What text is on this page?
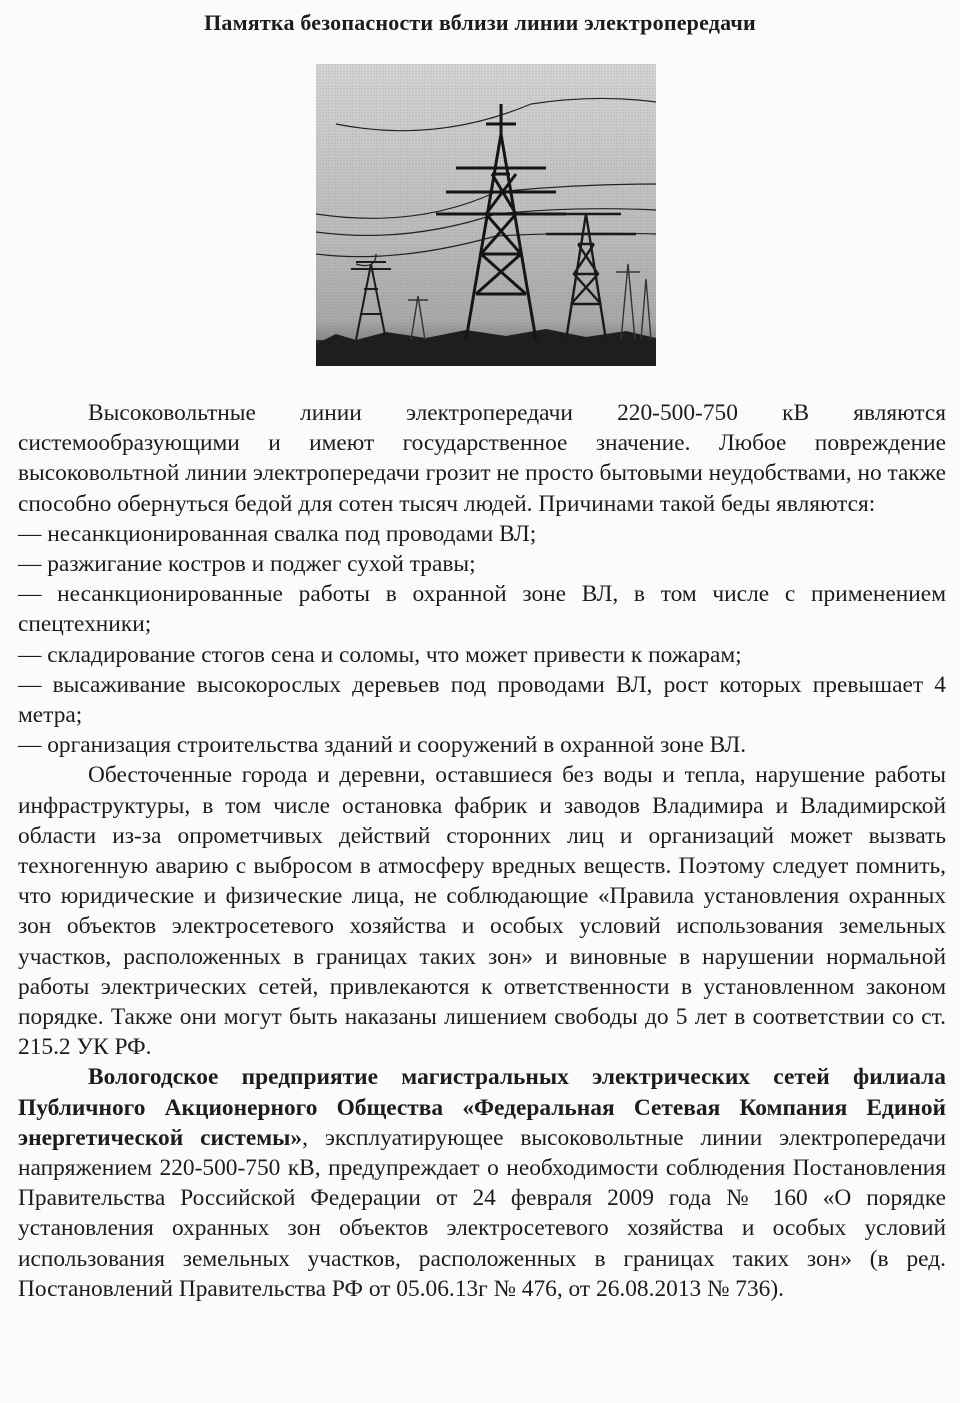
Памятка безопасности вблизи линии электропередачи

Высоковольтные линии электропередачи 220-500-750 кВ являются системообразующими и имеют государственное значение. Любое повреждение высоковольтной линии электропередачи грозит не просто бытовыми неудобствами, но также способно обернуться бедой для сотен тысяч людей. Причинами такой беды являются:

— несанкционированная свалка под проводами ВЛ;

— разжигание костров и поджег сухой травы;

— несанкционированные работы в охранной зоне ВЛ, в том числе с применением спецтехники;

— складирование стогов сена и соломы, что может привести к пожарам;

— высаживание высокорослых деревьев под проводами ВЛ, рост которых превышает 4 метра;

— организация строительства зданий и сооружений в охранной зоне ВЛ.

Обесточенные города и деревни, оставшиеся без воды и тепла, нарушение работы инфраструктуры, в том числе остановка фабрик и заводов Владимира и Владимирской области из-за опрометчивых действий сторонних лиц и организаций может вызвать техногенную аварию с выбросом в атмосферу вредных веществ. Поэтому следует помнить, что юридические и физические лица, не соблюдающие «Правила установления охранных зон объектов электросетевого хозяйства и особых условий использования земельных участков, расположенных в границах таких зон» и виновные в нарушении нормальной работы электрических сетей, привлекаются к ответственности в установленном законом порядке. Также они могут быть наказаны лишением свободы до 5 лет в соответствии со ст. 215.2 УК РФ.

Вологодское предприятие магистральных электрических сетей филиала Публичного Акционерного Общества «Федеральная Сетевая Компания Единой энергетической системы», эксплуатирующее высоковольтные линии электропередачи напряжением 220-500-750 кВ, предупреждает о необходимости соблюдения Постановления Правительства Российской Федерации от 24 февраля 2009 года № 160 «О порядке установления охранных зон объектов электросетевого хозяйства и особых условий использования земельных участков, расположенных в границах таких зон» (в ред. Постановлений Правительства РФ от 05.06.13г № 476, от 26.08.2013 № 736).
